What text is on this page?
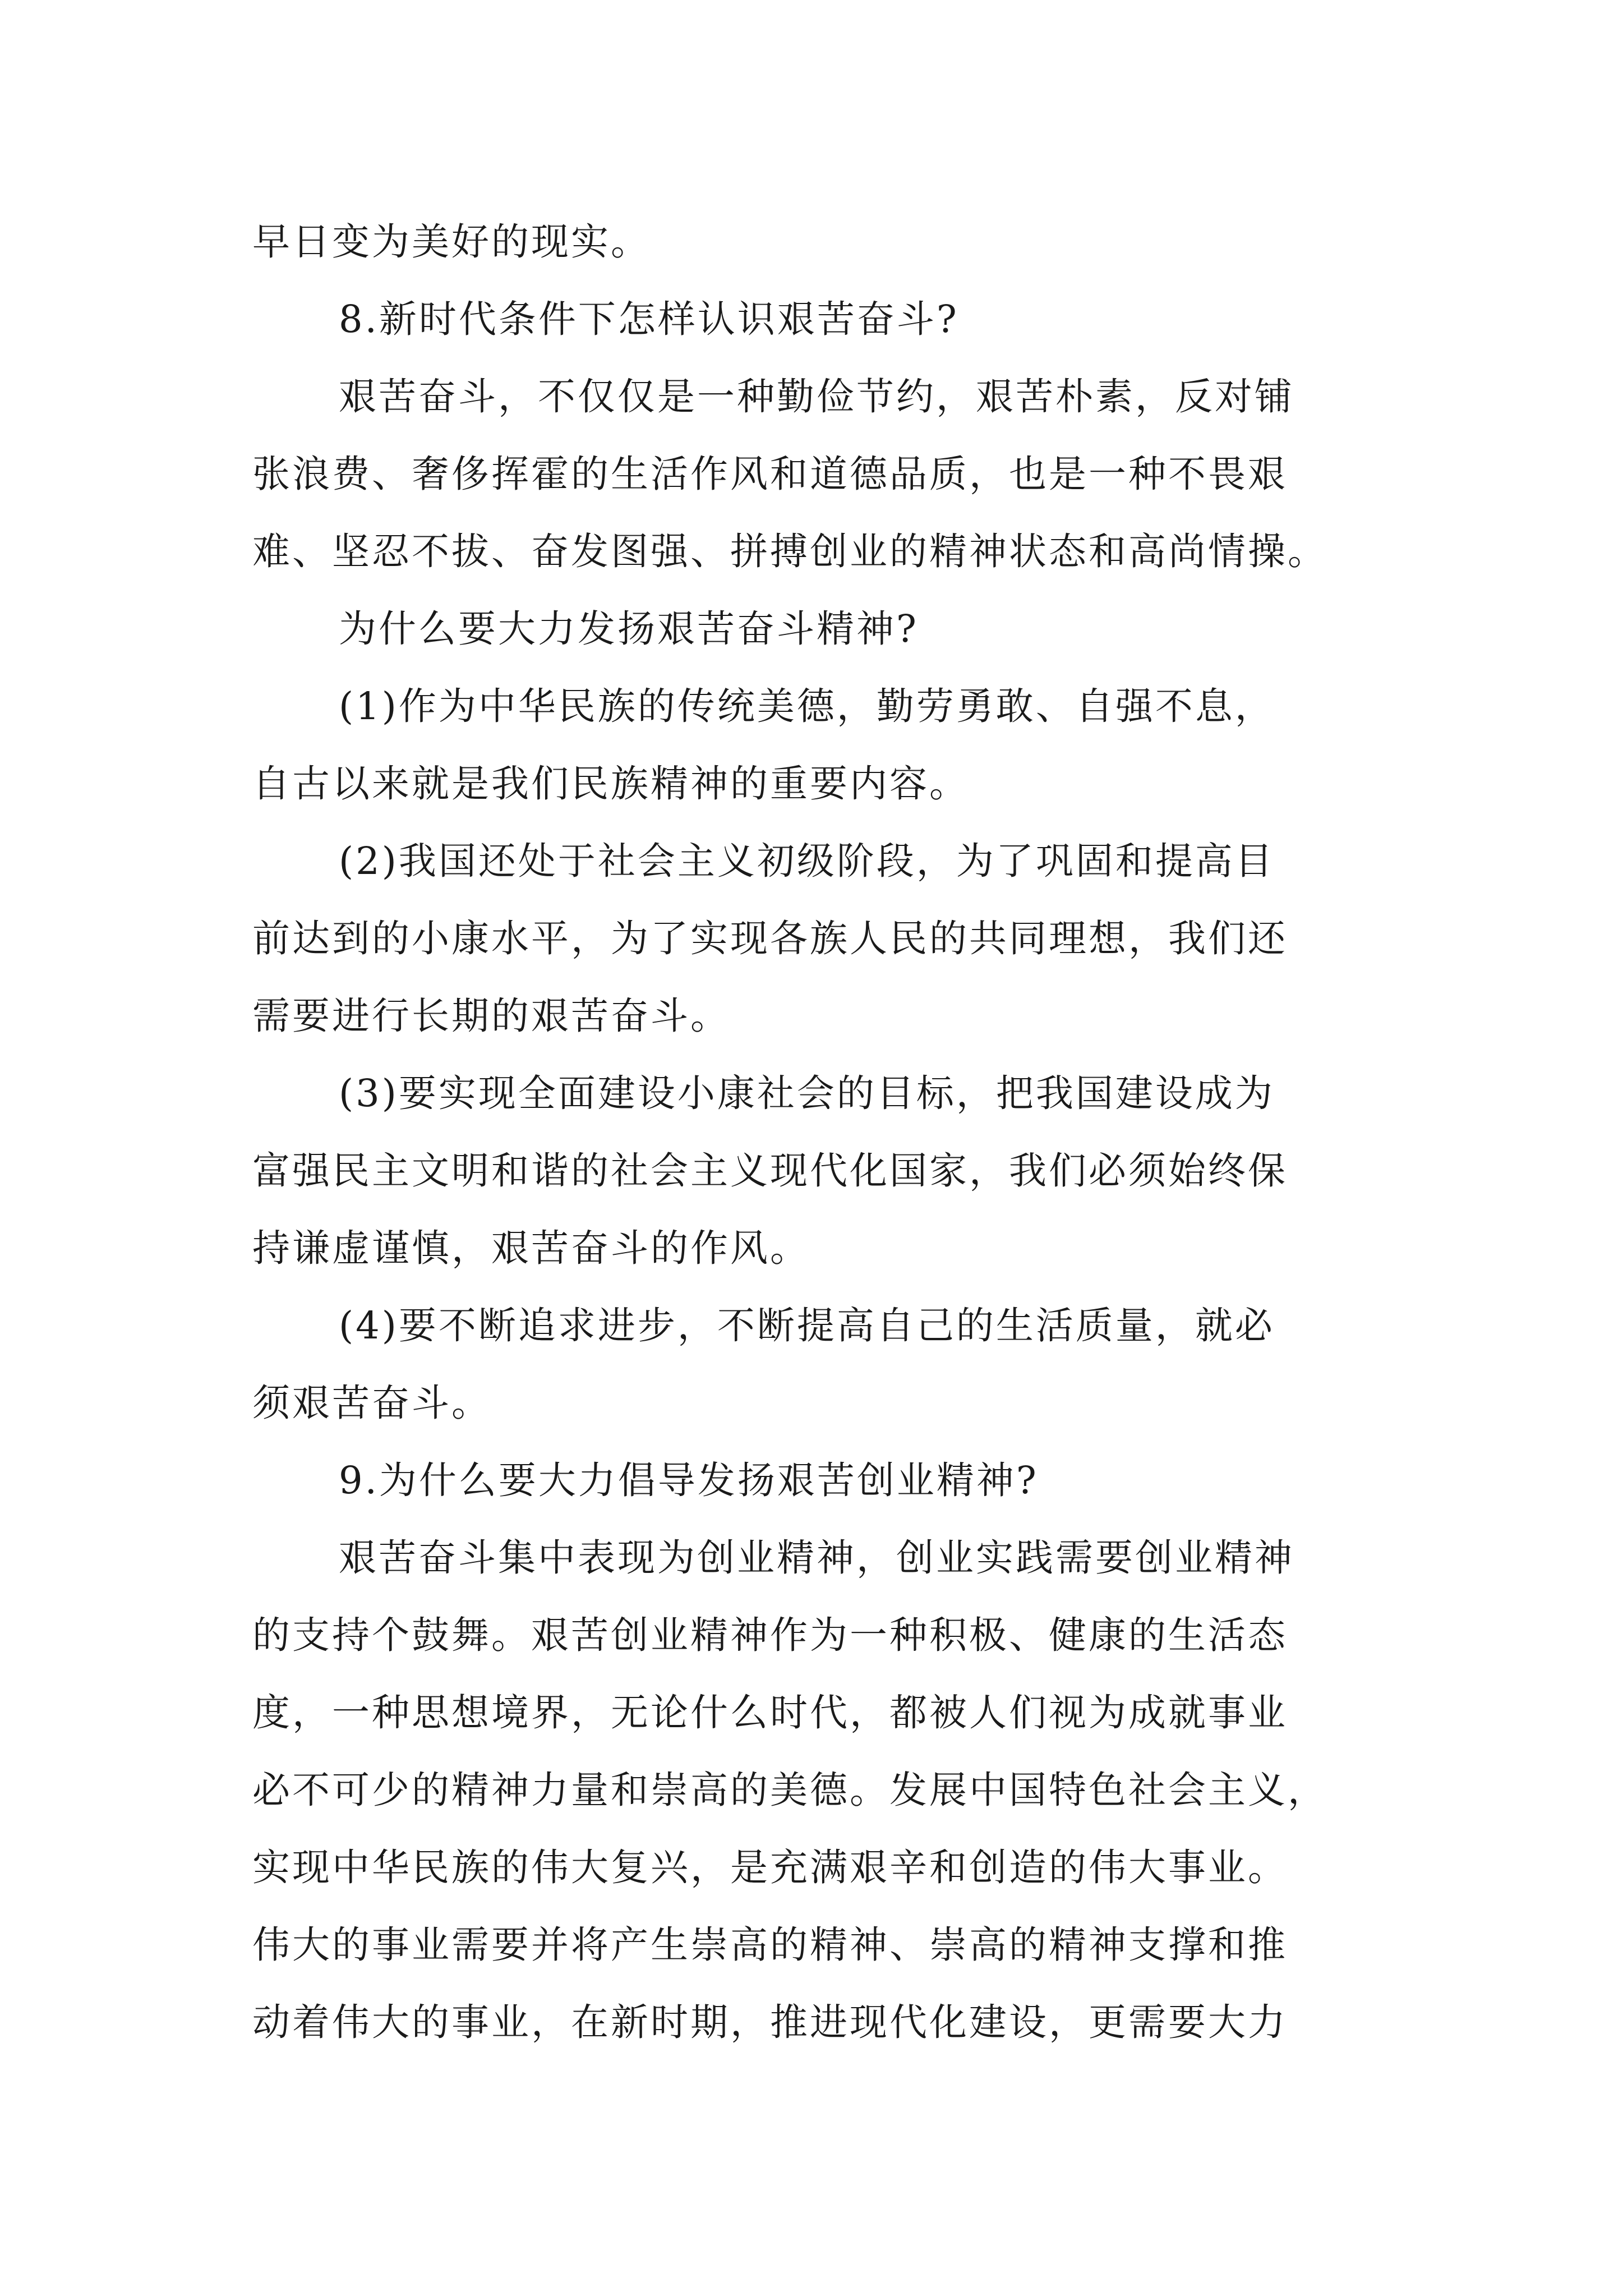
早日变为美好的现实。
8.新时代条件下怎样认识艰苦奋斗?
艰苦奋斗，不仅仅是一种勤俭节约，艰苦朴素，反对铺
张浪费、奢侈挥霍的生活作风和道德品质，也是一种不畏艰
难、坚忍不拔、奋发图强、拼搏创业的精神状态和高尚情操。
为什么要大力发扬艰苦奋斗精神?
(1)作为中华民族的传统美德，勤劳勇敢、自强不息，
自古以来就是我们民族精神的重要内容。
(2)我国还处于社会主义初级阶段，为了巩固和提高目
前达到的小康水平，为了实现各族人民的共同理想，我们还
需要进行长期的艰苦奋斗。
(3)要实现全面建设小康社会的目标，把我国建设成为
富强民主文明和谐的社会主义现代化国家，我们必须始终保
持谦虚谨慎，艰苦奋斗的作风。
(4)要不断追求进步，不断提高自己的生活质量，就必
须艰苦奋斗。
9.为什么要大力倡导发扬艰苦创业精神?
艰苦奋斗集中表现为创业精神，创业实践需要创业精神
的支持个鼓舞。艰苦创业精神作为一种积极、健康的生活态
度，一种思想境界，无论什么时代，都被人们视为成就事业
必不可少的精神力量和崇高的美德。发展中国特色社会主义，
实现中华民族的伟大复兴，是充满艰辛和创造的伟大事业。
伟大的事业需要并将产生崇高的精神、崇高的精神支撑和推
动着伟大的事业，在新时期，推进现代化建设，更需要大力
